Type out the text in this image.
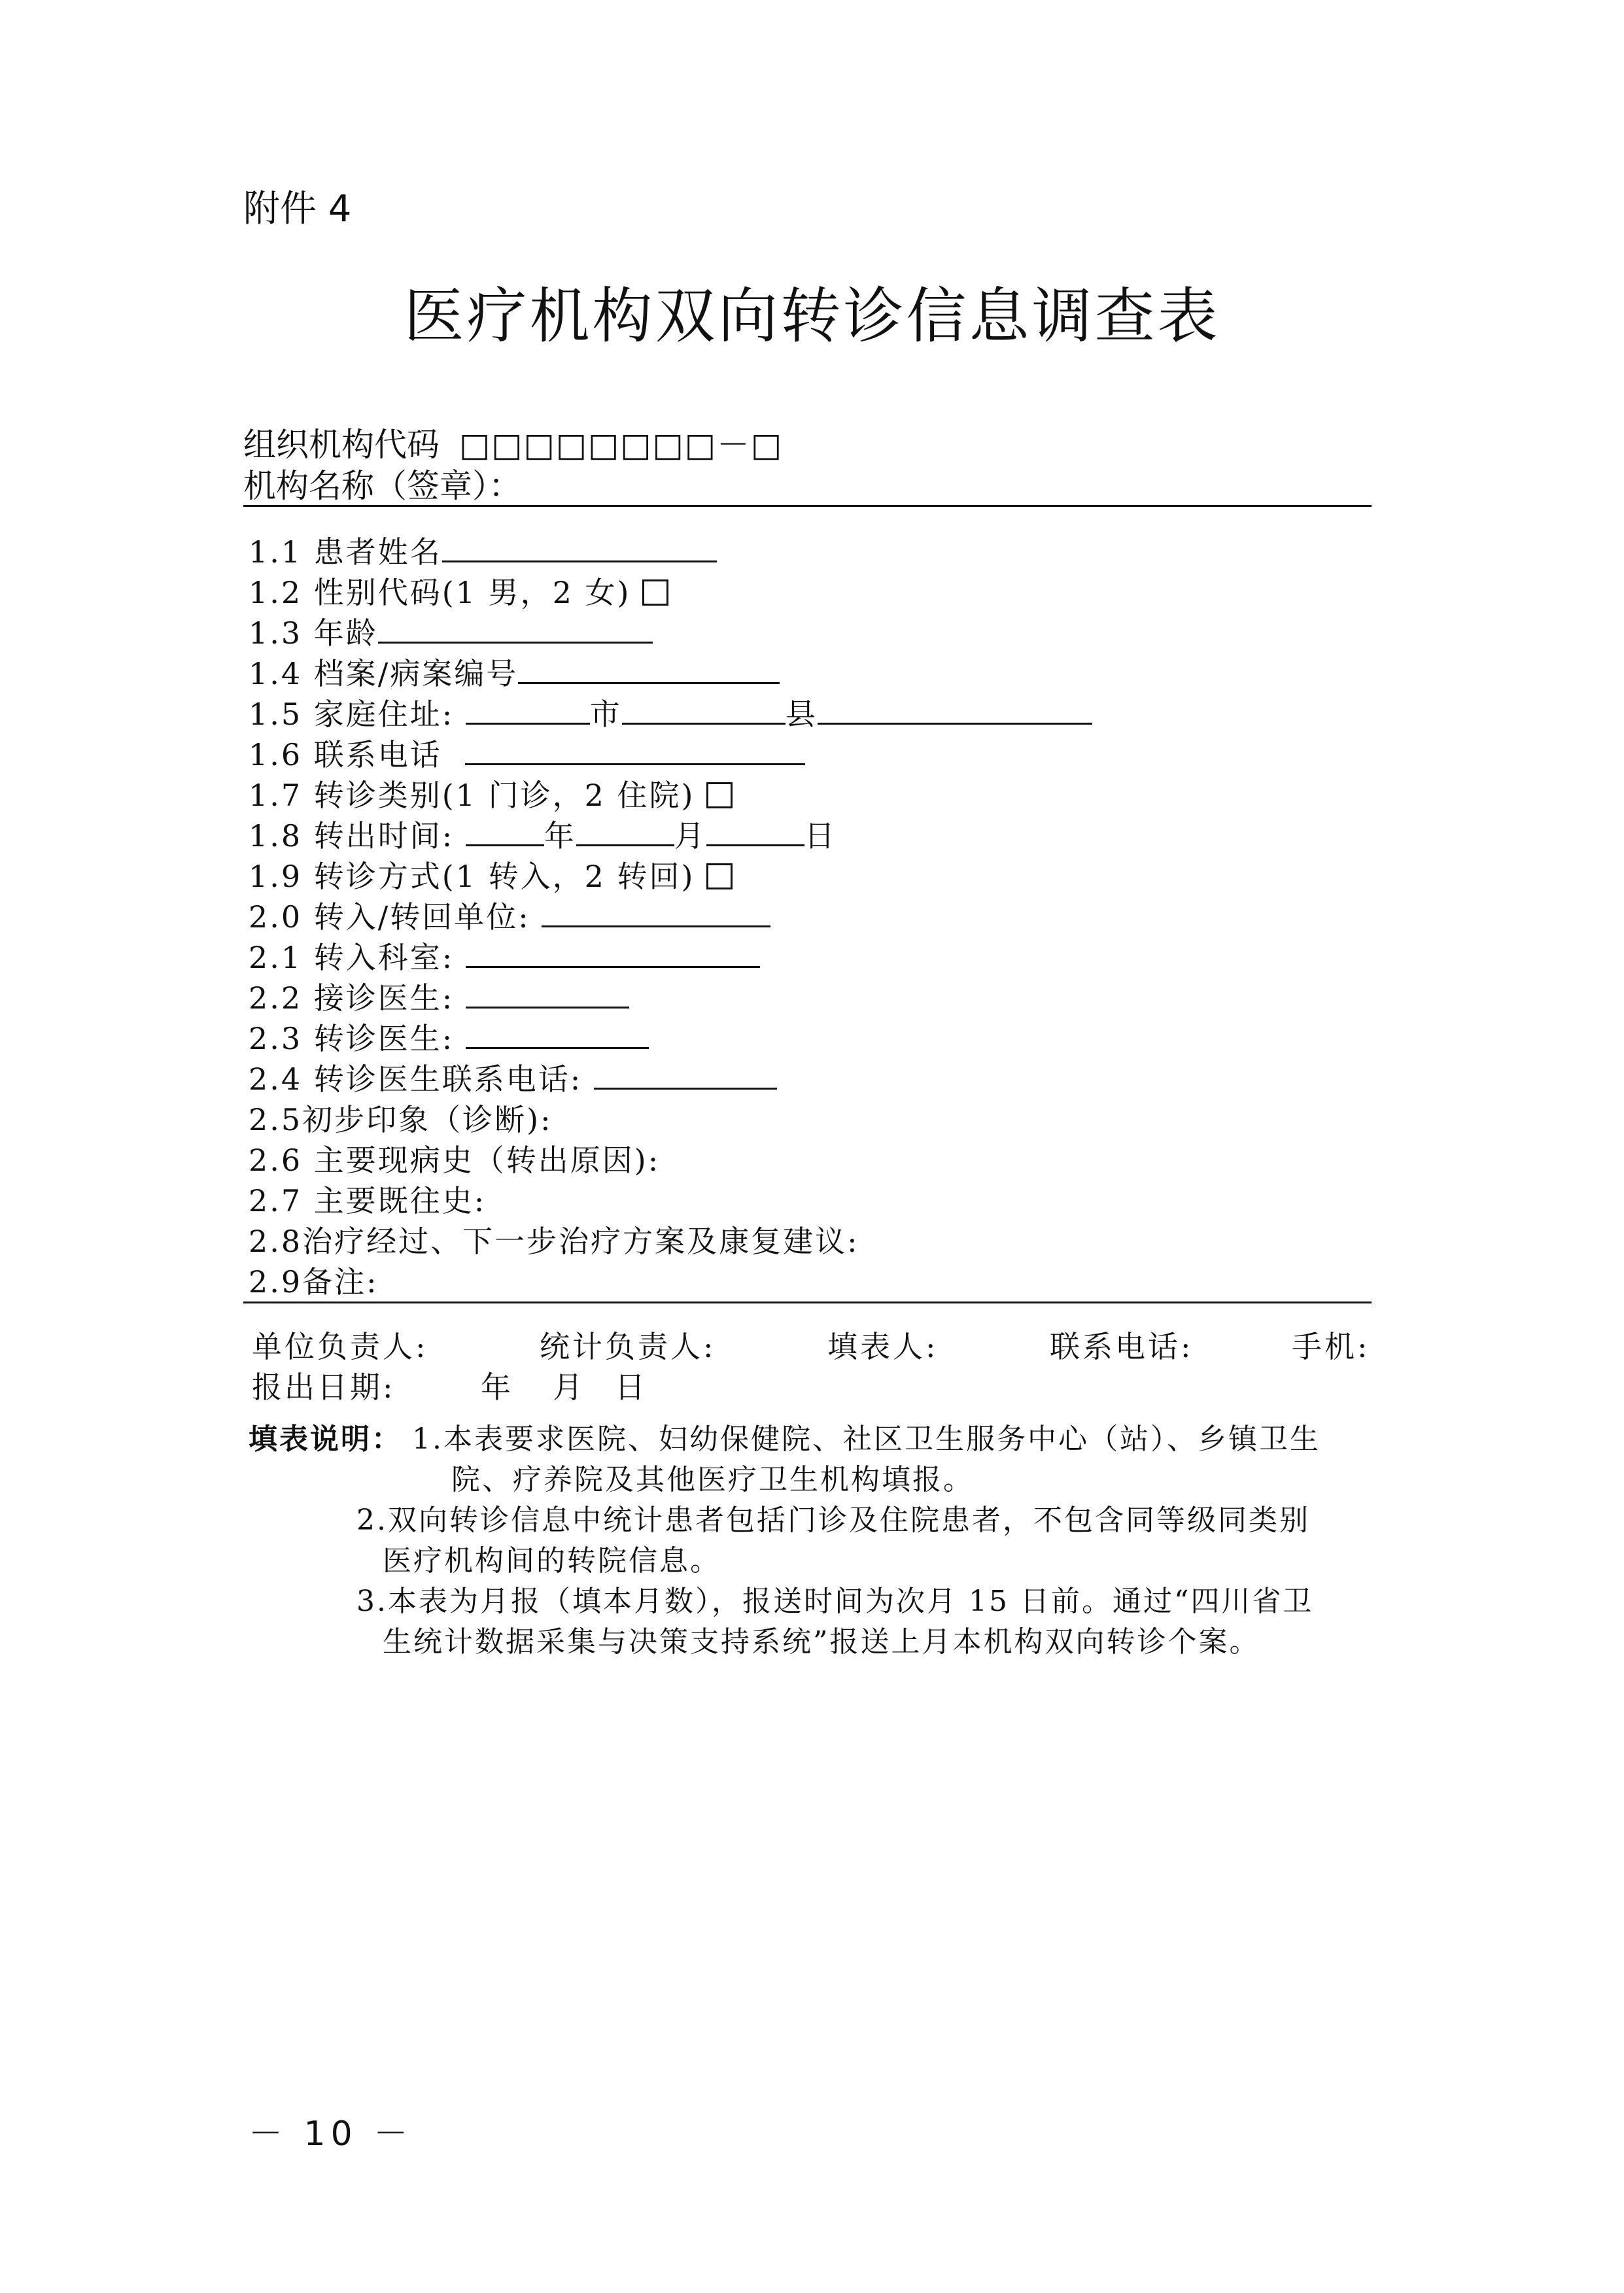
附件 4
医疗机构双向转诊信息调查表
组织机构代码 □□□□□□□□－□
机构名称（签章）：
1.1 患者姓名
1.2 性别代码(1 男，2 女)
1.3 年龄
1.4 档案/病案编号
1.5 家庭住址:	市	县
1.6 联系电话
1.7 转诊类别(1 门诊，2 住院)
1.8 转出时间:	年	月	日
1.9 转诊方式(1 转入，2 转回)
2.0 转入/转回单位:
2.1 转入科室:
2.2 接诊医生:
2.3 转诊医生:
2.4 转诊医生联系电话:
2.5初步印象（诊断):
2.6 主要现病史（转出原因):
2.7 主要既往史:
2.8治疗经过、下一步治疗方案及康复建议:
2.9备注:
单位负责人:	统计负责人:	填表人:	联系电话:	手机:
报出日期:	年 月 日
填表说明： 1.本表要求医院、妇幼保健院、社区卫生服务中心（站）、乡镇卫生
院、疗养院及其他医疗卫生机构填报。
2.双向转诊信息中统计患者包括门诊及住院患者，不包含同等级同类别
医疗机构间的转院信息。
3.本表为月报（填本月数），报送时间为次月 15 日前。通过“四川省卫
生统计数据采集与决策支持系统”报送上月本机构双向转诊个案。
－ 10 －
